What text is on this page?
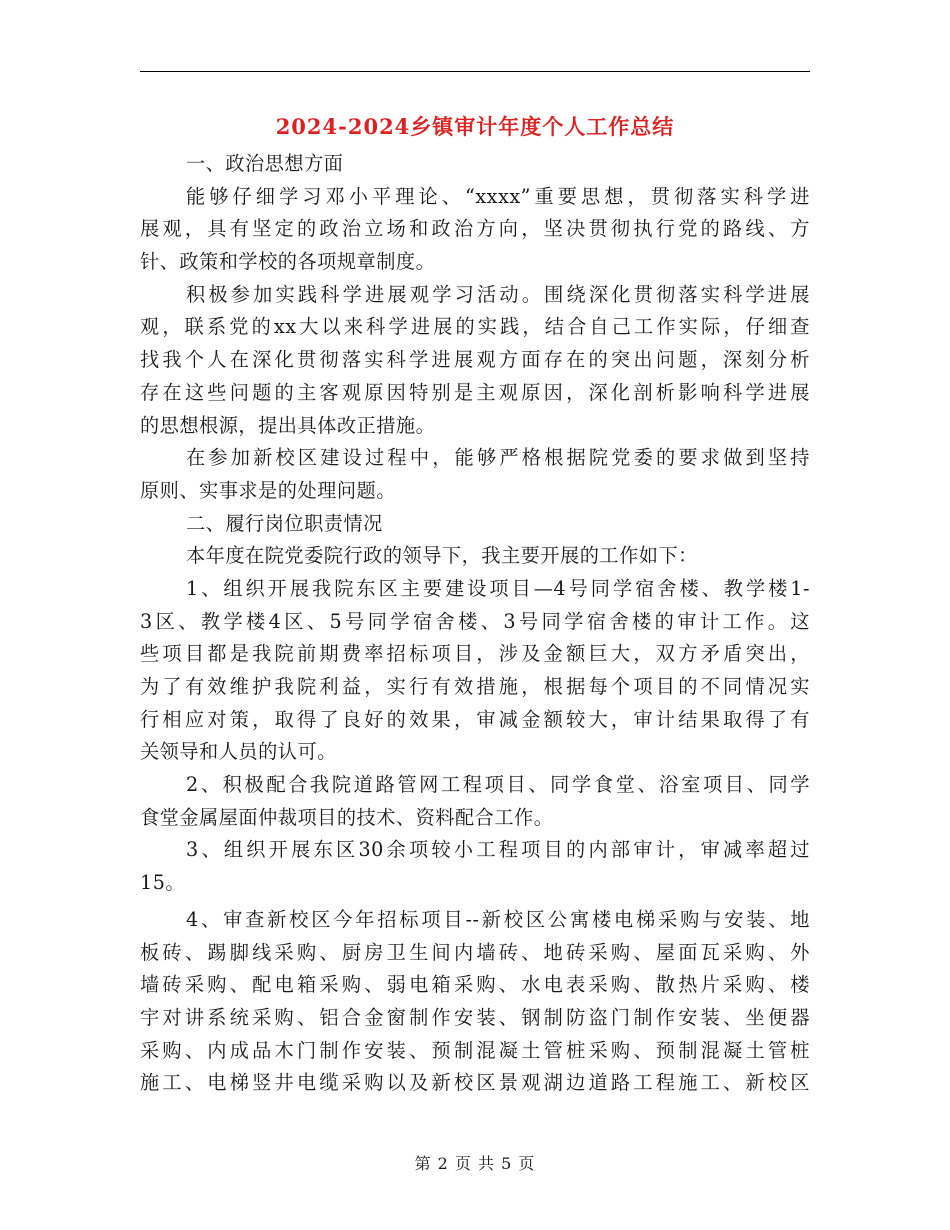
2024-2024乡镇审计年度个人工作总结
一、政治思想方面
能够仔细学习邓小平理论、“xxxx”重要思想，贯彻落实科学进
展观，具有坚定的政治立场和政治方向，坚决贯彻执行党的路线、方
针、政策和学校的各项规章制度。
积极参加实践科学进展观学习活动。围绕深化贯彻落实科学进展
观，联系党的xx大以来科学进展的实践，结合自己工作实际，仔细查
找我个人在深化贯彻落实科学进展观方面存在的突出问题，深刻分析
存在这些问题的主客观原因特别是主观原因，深化剖析影响科学进展
的思想根源，提出具体改正措施。
在参加新校区建设过程中，能够严格根据院党委的要求做到坚持
原则、实事求是的处理问题。
二、履行岗位职责情况
本年度在院党委院行政的领导下，我主要开展的工作如下：
1、组织开展我院东区主要建设项目—4号同学宿舍楼、教学楼1-
3区、教学楼4区、5号同学宿舍楼、3号同学宿舍楼的审计工作。这
些项目都是我院前期费率招标项目，涉及金额巨大，双方矛盾突出，
为了有效维护我院利益，实行有效措施，根据每个项目的不同情况实
行相应对策，取得了良好的效果，审减金额较大，审计结果取得了有
关领导和人员的认可。
2、积极配合我院道路管网工程项目、同学食堂、浴室项目、同学
食堂金属屋面仲裁项目的技术、资料配合工作。
3、组织开展东区30余项较小工程项目的内部审计，审减率超过
15。
4、审查新校区今年招标项目--新校区公寓楼电梯采购与安装、地
板砖、踢脚线采购、厨房卫生间内墙砖、地砖采购、屋面瓦采购、外
墙砖采购、配电箱采购、弱电箱采购、水电表采购、散热片采购、楼
宇对讲系统采购、铝合金窗制作安装、钢制防盗门制作安装、坐便器
采购、内成品木门制作安装、预制混凝土管桩采购、预制混凝土管桩
施工、电梯竖井电缆采购以及新校区景观湖边道路工程施工、新校区
第 2 页 共 5 页
